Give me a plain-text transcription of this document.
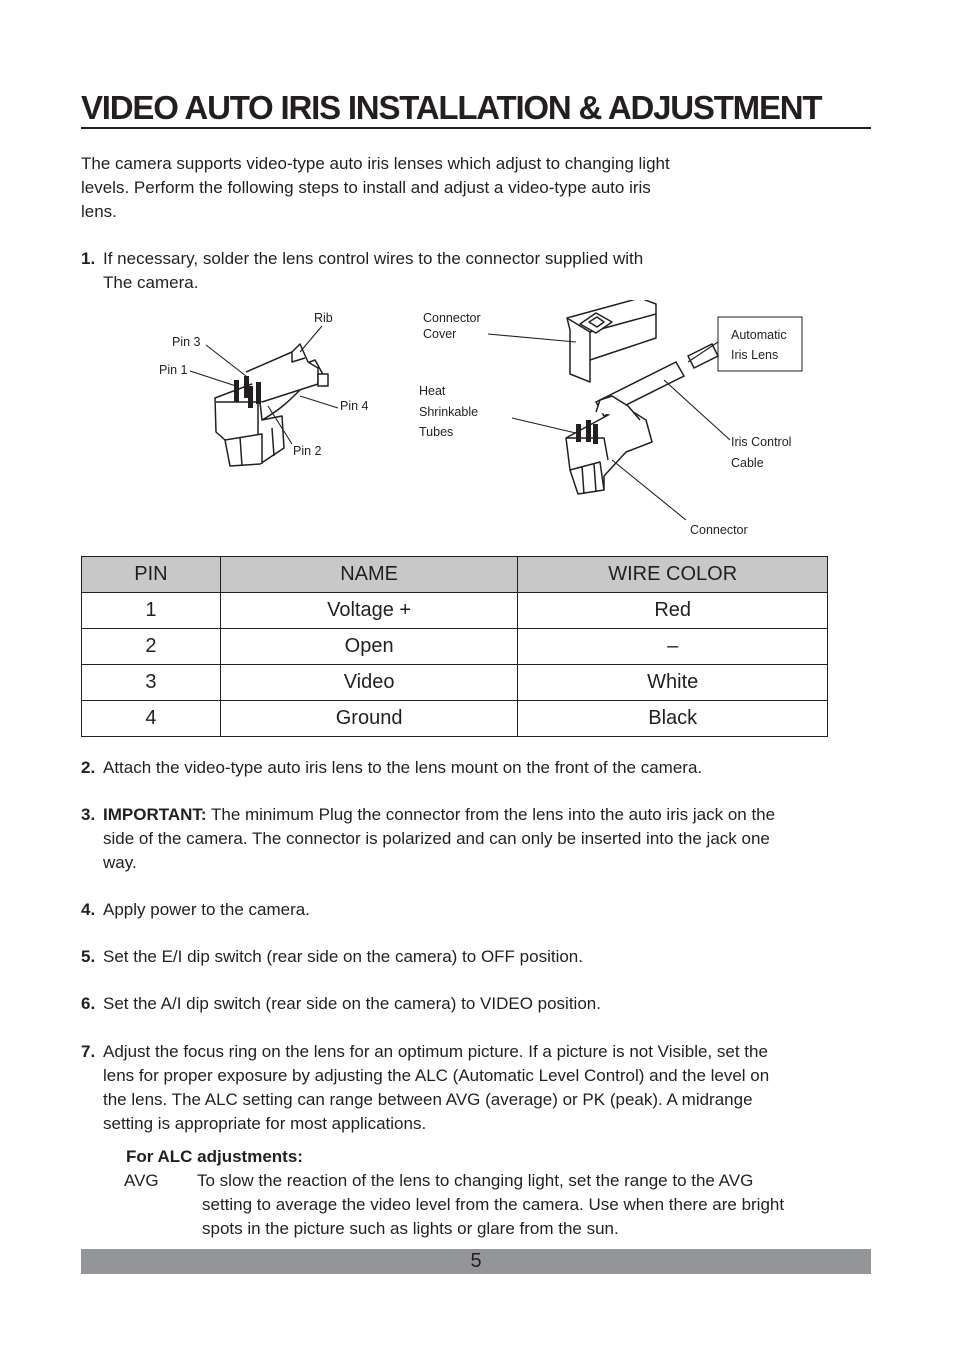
VIDEO AUTO IRIS INSTALLATION & ADJUSTMENT
The camera supports video-type auto iris lenses which adjust to changing light
levels. Perform the following steps to install and adjust a video-type auto iris
lens.
1. If necessary, solder the lens control wires to the connector supplied with
The camera.
Rib
Pin 3
Pin 1
Pin 4
Pin 2
Connector
Cover
Heat
Shrinkable
Tubes
Automatic
Iris Lens
Iris Control
Cable
Connector
PIN	NAME	WIRE COLOR
1	Voltage +	Red
2	Open	–
3	Video	White
4	Ground	Black
2. Attach the video-type auto iris lens to the lens mount on the front of the camera.
3. IMPORTANT: The minimum Plug the connector from the lens into the auto iris jack on the
side of the camera. The connector is polarized and can only be inserted into the jack one
way.
4. Apply power to the camera.
5. Set the E/I dip switch (rear side on the camera) to OFF position.
6. Set the A/I dip switch (rear side on the camera) to VIDEO position.
7. Adjust the focus ring on the lens for an optimum picture. If a picture is not Visible, set the
lens for proper exposure by adjusting the ALC (Automatic Level Control) and the level on
the lens. The ALC setting can range between AVG (average) or PK (peak). A midrange
setting is appropriate for most applications.
For ALC adjustments:
AVG To slow the reaction of the lens to changing light, set the range to the AVG
setting to average the video level from the camera. Use when there are bright
spots in the picture such as lights or glare from the sun.
5
